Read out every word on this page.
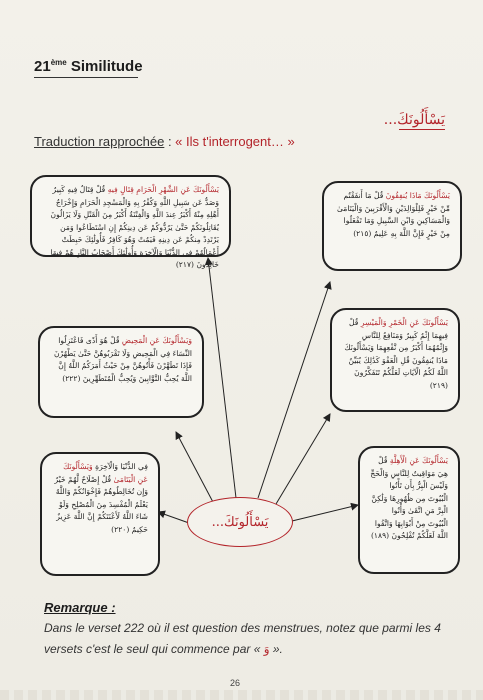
21ème Similitude
يَسْأَلُونَكَ...
Traduction rapprochée : « Ils t'interrogent… »
يَسْأَلُونَكَ عَنِ الشَّهْرِ الْحَرَامِ قِتَالٍ فِيهِ قُلْ قِتَالٌ فِيهِ كَبِيرٌ وَصَدٌّ عَن سَبِيلِ اللَّهِ وَكُفْرٌ بِهِ وَالْمَسْجِدِ الْحَرَامِ وَإِخْرَاجُ أَهْلِهِ مِنْهُ أَكْبَرُ عِندَ اللَّهِ وَالْفِتْنَةُ أَكْبَرُ مِنَ الْقَتْلِ وَلَا يَزَالُونَ يُقَاتِلُونَكُمْ حَتَّىٰ يَرُدُّوكُمْ عَن دِينِكُمْ إِنِ اسْتَطَاعُوا وَمَن يَرْتَدِدْ مِنكُمْ عَن دِينِهِ فَيَمُتْ وَهُوَ كَافِرٌ فَأُولَٰئِكَ حَبِطَتْ أَعْمَالُهُمْ فِي الدُّنْيَا وَالْآخِرَةِ وَأُولَٰئِكَ أَصْحَابُ النَّارِ هُمْ فِيهَا خَالِدُونَ (٢١٧)
يَسْأَلُونَكَ مَاذَا يُنفِقُونَ قُلْ مَا أَنفَقْتُم مِّنْ خَيْرٍ فَلِلْوَالِدَيْنِ وَالْأَقْرَبِينَ وَالْيَتَامَىٰ وَالْمَسَاكِينِ وَابْنِ السَّبِيلِ وَمَا تَفْعَلُوا مِنْ خَيْرٍ فَإِنَّ اللَّهَ بِهِ عَلِيمٌ (٢١٥)
وَيَسْأَلُونَكَ عَنِ الْمَحِيضِ قُلْ هُوَ أَذًى فَاعْتَزِلُوا النِّسَاءَ فِي الْمَحِيضِ وَلَا تَقْرَبُوهُنَّ حَتَّىٰ يَطْهُرْنَ فَإِذَا تَطَهَّرْنَ فَأْتُوهُنَّ مِنْ حَيْثُ أَمَرَكُمُ اللَّهُ إِنَّ اللَّهَ يُحِبُّ التَّوَّابِينَ وَيُحِبُّ الْمُتَطَهِّرِينَ (٢٢٢)
يَسْأَلُونَكَ عَنِ الْخَمْرِ وَالْمَيْسِرِ قُلْ فِيهِمَا إِثْمٌ كَبِيرٌ وَمَنَافِعُ لِلنَّاسِ وَإِثْمُهُمَا أَكْبَرُ مِن نَّفْعِهِمَا وَيَسْأَلُونَكَ مَاذَا يُنفِقُونَ قُلِ الْعَفْوَ كَذَٰلِكَ يُبَيِّنُ اللَّهُ لَكُمُ الْآيَاتِ لَعَلَّكُمْ تَتَفَكَّرُونَ (٢١٩)
فِي الدُّنْيَا وَالْآخِرَةِ وَيَسْأَلُونَكَ عَنِ الْيَتَامَىٰ قُلْ إِصْلَاحٌ لَّهُمْ خَيْرٌ وَإِن تُخَالِطُوهُمْ فَإِخْوَانُكُمْ وَاللَّهُ يَعْلَمُ الْمُفْسِدَ مِنَ الْمُصْلِحِ وَلَوْ شَاءَ اللَّهُ لَأَعْنَتَكُمْ إِنَّ اللَّهَ عَزِيزٌ حَكِيمٌ (٢٢٠)
يَسْأَلُونَكَ عَنِ الْأَهِلَّةِ قُلْ هِيَ مَوَاقِيتُ لِلنَّاسِ وَالْحَجِّ وَلَيْسَ الْبِرُّ بِأَن تَأْتُوا الْبُيُوتَ مِن ظُهُورِهَا وَلَٰكِنَّ الْبِرَّ مَنِ اتَّقَىٰ وَأْتُوا الْبُيُوتَ مِنْ أَبْوَابِهَا وَاتَّقُوا اللَّهَ لَعَلَّكُمْ تُفْلِحُونَ (١٨٩)
يَسْأَلُونَكَ...
Remarque :
Dans le verset 222 où il est question des menstrues, notez que parmi les 4 versets c'est le seul qui commence par « وَ ».
26
